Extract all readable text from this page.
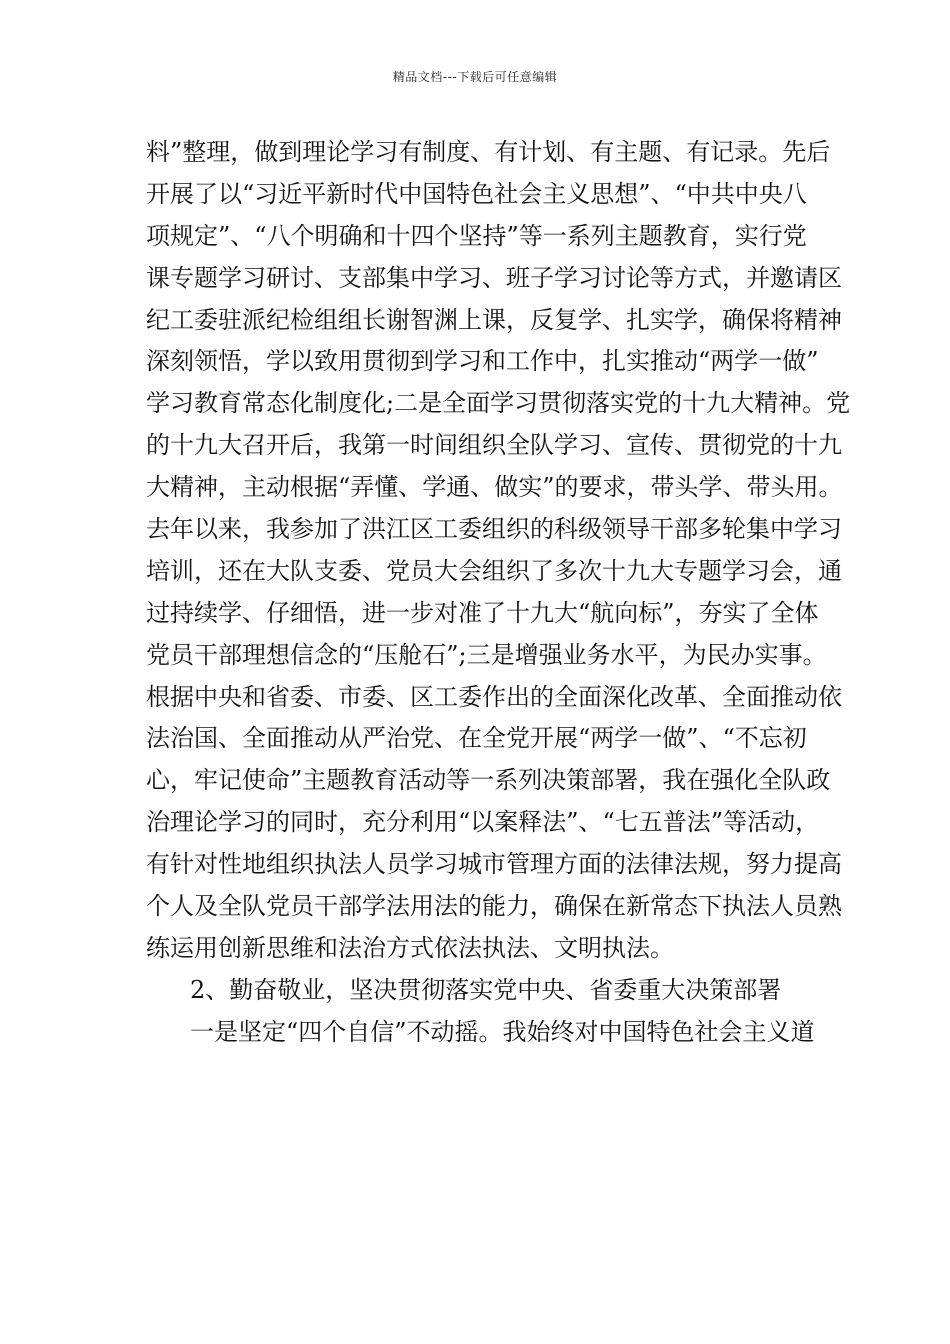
精品文档---下载后可任意编辑
料”整理，做到理论学习有制度、有计划、有主题、有记录。先后
开展了以“习近平新时代中国特色社会主义思想”、“中共中央八
项规定”、“八个明确和十四个坚持”等一系列主题教育，实行党
课专题学习研讨、支部集中学习、班子学习讨论等方式，并邀请区
纪工委驻派纪检组组长谢智渊上课，反复学、扎实学，确保将精神
深刻领悟，学以致用贯彻到学习和工作中，扎实推动“两学一做”
学习教育常态化制度化;二是全面学习贯彻落实党的十九大精神。党
的十九大召开后，我第一时间组织全队学习、宣传、贯彻党的十九
大精神，主动根据“弄懂、学通、做实”的要求，带头学、带头用。
去年以来，我参加了洪江区工委组织的科级领导干部多轮集中学习
培训，还在大队支委、党员大会组织了多次十九大专题学习会，通
过持续学、仔细悟，进一步对准了十九大“航向标”，夯实了全体
党员干部理想信念的“压舱石”;三是增强业务水平，为民办实事。
根据中央和省委、市委、区工委作出的全面深化改革、全面推动依
法治国、全面推动从严治党、在全党开展“两学一做”、“不忘初
心，牢记使命”主题教育活动等一系列决策部署，我在强化全队政
治理论学习的同时，充分利用“以案释法”、“七五普法”等活动，
有针对性地组织执法人员学习城市管理方面的法律法规，努力提高
个人及全队党员干部学法用法的能力，确保在新常态下执法人员熟
练运用创新思维和法治方式依法执法、文明执法。
2、勤奋敬业，坚决贯彻落实党中央、省委重大决策部署
一是坚定“四个自信”不动摇。我始终对中国特色社会主义道
